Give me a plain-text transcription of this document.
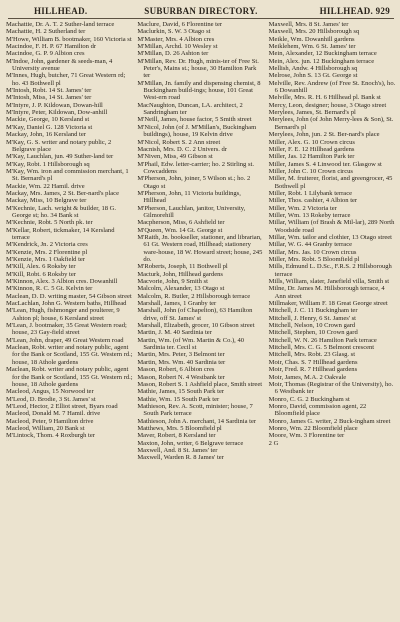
HILLHEAD.	SUBURBAN DIRECTORY.	HILLHEAD. 929
Machattie, Dr. A. T. 2 Suther-land terrace
Machattie, H. 2 Sutherland ter
M'Howe, William B. bootmaker, 160 Victoria st
Macindoe, F. H. P. 67 Hamilton dr
Macindoe, G. P. 9 Albion cres
M'Indoe, John, gardener & seeds-man, 4 University avenue
M'Innes, Hugh, butcher, 71 Great Western rd; ho. 43 Bothwell pl
M'Intosh, Robt. 14 St. James' ter
M'Intosh, Miss, 14 St. James' ter
M'Intyre, J. P. Kildowan, Dowan-hill
M'Intyre, Peter, Kildowan, Dow-anhill
Mackie, George, 10 Kersland st
M'Kay, Daniel G. 128 Victoria st
Mackay, John, 16 Kersland ter
M'Kay, G. S. writer and notary public, 2 Belgrave place
M'Kay, Lauchlan, jun. 49 Suther-land ter
M'Kay, Robt. 1 Hillsborough sq
M'Kay, Wm. iron and commission merchant, 1 St. Bernard's pl
Mackie, Wm. 22 Hamil. drive
Mackay, Mrs. James, 2 St. Ber-nard's place
Mackay, Miss, 10 Belgrave ter
M'Kechnie, Lach. wright & builder, 18 G. George st; ho. 34 Bank st
M'Kechnie, Robt. 5 North pk. ter
M'Kellar, Robert, tickmaker, 14 Kersland terrace
M'Kendrick, Jn. 2 Victoria cres
M'Kenzie, Mrs. 2 Florentine pl
M'Kenzie, Mrs. 1 Oakfield ter
M'Kill, Alex. 6 Roksby ter
M'Kill, Robt. 6 Roksby ter
M'Kinnon, Alex. 3 Albion cres. Dowanhill
M'Kinnon, R. C. 5 Gt. Kelvin ter
Maclean, D. D. writing master, 54 Gibson street
MacLachlan, John G. Western baths, Hillhead
M'Lean, Hugh, fishmonger and poulterer, 9 Ashton pl; house, 6 Kersland street
M'Lean, J. bootmaker, 35 Great Western road; house, 23 Gay-field street
M'Lean, John, draper, 49 Great Western road
Maclean, Robt. writer and notary public, agent for the Bank or Scotland, 155 Gt. Western rd.; house, 18 Athole gardens
Maclean, Robt. writer and notary public, agent for the Bank or Scotland, 155 Gt. Western rd.; house, 18 Athole gardens
Macleod, Angus, 15 Norwood ter
M'Leod, D. Brodie, 3 St. James' st
M'Leod, Hector, 2 Elliot street, Byars road
Macleod, Donald M. 7 Hamil. drive
Macleod, Peter, 9 Hamilton drive
Macleod, William, 20 Bank st
M'Lintock, Thom. 4 Roxburgh ter
Maclure, David, 6 Florentine ter
Maclurkin, S. W. 3 Otago st
M'Master, Mrs. 4 Albion cres
M'Millan, Archd. 10 Wesley st
M'Millan, D. 26 Ashton ter
M'Millan, Rev. Dr. Hugh, minis-ter of Free St. Peter's, Mains st.; house, 30 Hamilton Park ter
M'Millan, Jn. family and dispensing chemist, 8 Buckingham build-ings; house, 101 Great West-ern road
MacNaughton, Duncan, LA. architect, 2 Sandringham ter
M'Neill, James, house factor, 5 Smith street
M'Nicol, John (of J. M'Millan's, Buckingham buildings), house, 19 Kelvin drive
M'Nicol, Robert S. 2 Ann street
Macnish, Mrs. D. C. 2 Univers. dr
M'Niven, Miss, 49 Gibson st
M'Phail, Edw. letter-carrier; ho. 2 Stirling st. Cowcaddens
M'Pherson, John, joiner, 5 Wilson st.; ho. 2 Otago st
M'Pherson, John, 11 Victoria buildings, Hillhead
M'Pherson, Lauchlan, janitor, University, Gilmorehill
Macpherson, Miss, 6 Ashfield ter
M'Queen, Wm. 14 Gt. George st
M'Raith, Jn. bookseller, stationer, and librarian, 61 Gt. Western road, Hillhead; stationery ware-house, 18 W. Howard street; house, 245 do.
M'Roberts, Joseph, 11 Bothwell pl
Macturk, John, Hillhead gardens
Macvorie, John, 9 Smith st
Malcolm, Alexander, 13 Otago st
Malcolm, R. Butler, 2 Hillsborough terrace
Marshall, James, 1 Granby ter
Marshall, John (of Chapelton), 63 Hamilton drive, off St. James' st
Marshall, Elizabeth, grocer, 10 Gibson street
Martin, J. M. 40 Sardinia ter
Martin, Wm. (of Wm. Martin & Co.), 40 Sardinia ter. Cecil st
Martin, Mrs. Peter, 3 Belmont ter
Martin, Mrs. Wm. 40 Sardinia ter
Mason, Robert, 6 Albion cres
Mason, Robert N. 4 Westbank ter
Mason, Robert S. 1 Ashfield place, Smith street
Mathie, James, 15 South Park ter
Mathie, Wm. 15 South Park ter
Mathieson, Rev. A. Scott, minister; house, 7 South Park terrace
Mathieson, John A. merchant, 14 Sardinia ter
Matthews, Mrs. 5 Bloomfield pl
Maver, Robert, 8 Kersland ter
Maxton, John, writer, 6 Belgrave terrace
Maxwell, And. 8 St. James' ter
Maxwell, Warden R. 8 James' ter
Maxwell, Mrs. 8 St. James' ter
Maxwell, Mrs. 20 Hillsborough sq
Meikle, Wm. Dowanhill gardens
Meiklehem, Wm. 6 St. James' ter
Mein, Alexander, 12 Buckingham terrace
Mein, Alex. jun. 12 Buckingham terrace
Mellish, Andw. 4 Hillsborough sq
Melrose, John S. 13 Gt. George st
Melville, Rev. Andrew (of Free St. Enoch's), ho. 6 Dowanhill
Melville, Mrs. R. H. 6 Hillhead pl. Bank st
Mercy, Leon, designer; house, 3 Otago street
Merylees, James, St. Bernard's pl
Merylees, John (of John Merry-lees & Son), St. Bernard's pl
Merylees, John, jun. 2 St. Ber-nard's place
Miller, Alex. G. 10 Crown circus
Miller, F. E. 12 Hillhead gardens
Miller, Jas. 12 Hamilton Park ter
Miller, James S. 4 Linwood ter. Glasgow st
Miller, John C. 10 Crown circus
Miller, M. fruiterer, florist, and greengrocer, 45 Bothwell pl
Miller, Robt. 1 Lilybank terrace
Miller, Thos. cashier, 4 Albion ter
Miller, Wm. 2 Victoria ter
Miller, Wm. 13 Rokeby terrace
Millar, William (of Brash & Mil-lar), 289 North Woodside road
Millar, Wm. tailor and clothier, 13 Otago street
Millar, W. G. 44 Granby terrace
Millar, Mrs. Jas. 10 Crown circus
Miller, Mrs. Robt. 5 Bloomfield pl
Mills, Edmund L. D.Sc., F.R.S. 2 Hillsborough terrace
Mills, William, slater, Janefield villa, Smith st
Milne, Dr. James M. Hillsborough terrace, 4 Ann street
Millmaker, William F. 18 Great George street
Mitchell, J. C. 11 Buckingham ter
Mitchell, J. Henry, 6 St. James' st
Mitchell, Nelson, 10 Crown gard
Mitchell, Stephen, 10 Crown gard
Mitchell, W. N. 26 Hamilton Park terrace
Mitchell, Mrs. C. G. 5 Belmont crescent
Mitchell, Mrs. Robt. 23 Glasg. st
Moir, Chas. S. 7 Hillhead gardens
Moir, Fred. R. 7 Hillhead gardens
Moir, James, M.A. 2 Oakvale
Moir, Thomas (Registrar of the University), ho. 6 Westbank ter
Monro, C. G. 2 Buckingham st
Monro, David, commission agent, 22 Bloomfield place
Monro, James G. writer, 2 Buck-ingham street
Monro, Wm. 22 Bloomfield place
Moore, Wm. 3 Florentine ter
2 G
